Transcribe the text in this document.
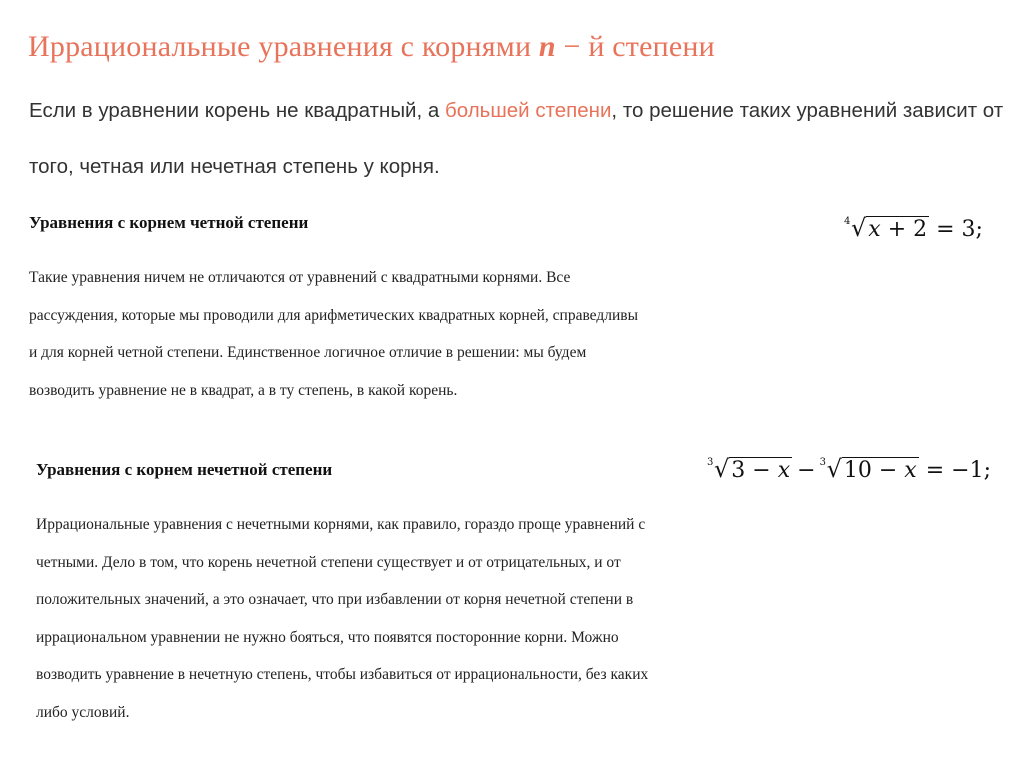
Иррациональные уравнения с корнями n − й степени
Если в уравнении корень не квадратный, а большей степени, то решение таких уравнений зависит от того, четная или нечетная степень у корня.
Уравнения с корнем четной степени	4 √x + 2 = 3;
Такие уравнения ничем не отличаются от уравнений с квадратными корнями. Все
рассуждения, которые мы проводили для арифметических квадратных корней, справедливы
и для корней четной степени. Единственное логичное отличие в решении: мы будем
возводить уравнение не в квадрат, а в ту степень, в какой корень.
Уравнения с корнем нечетной степени	3 √3 − x − 3 √10 − x = −1;
Иррациональные уравнения с нечетными корнями, как правило, гораздо проще уравнений с
четными. Дело в том, что корень нечетной степени существует и от отрицательных, и от
положительных значений, а это означает, что при избавлении от корня нечетной степени в
иррациональном уравнении не нужно бояться, что появятся посторонние корни. Можно
возводить уравнение в нечетную степень, чтобы избавиться от иррациональности, без каких
либо условий.
